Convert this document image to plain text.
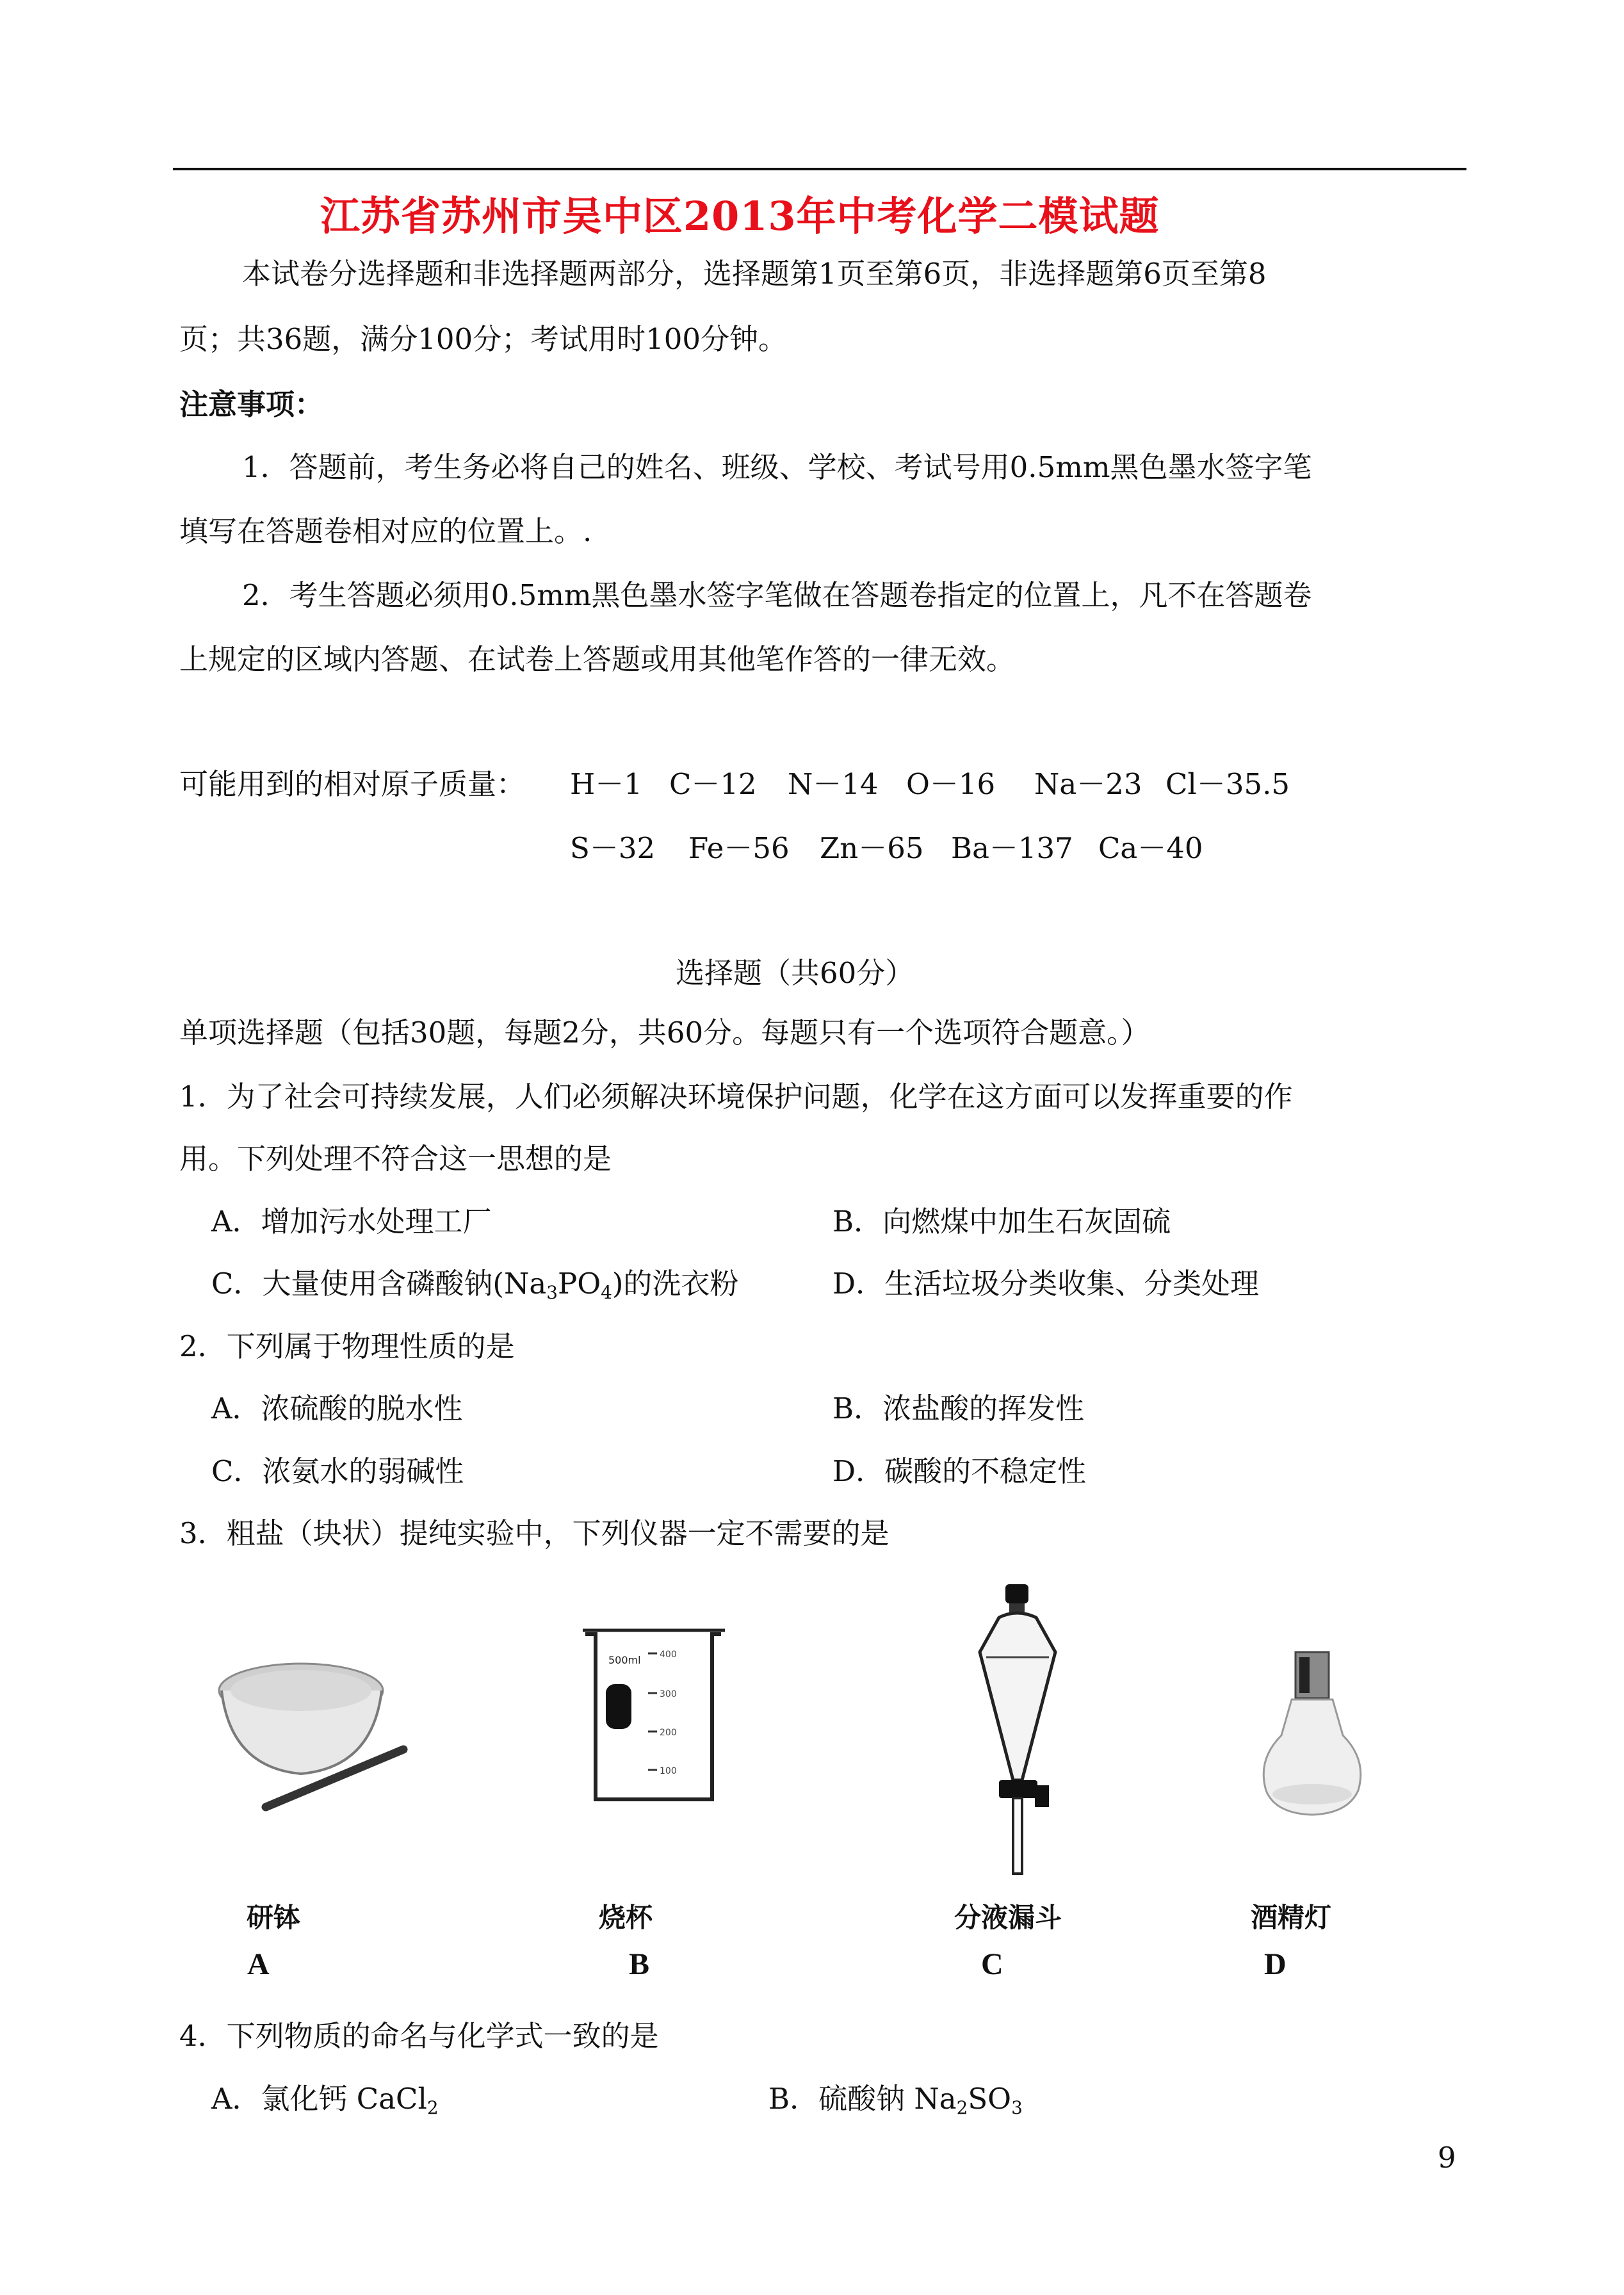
江苏省苏州市吴中区2013年中考化学二模试题
本试卷分选择题和非选择题两部分，选择题第1页至第6页，非选择题第6页至第8
页；共36题，满分100分；考试用时100分钟。
注意事项：
1．答题前，考生务必将自己的姓名、班级、学校、考试号用0.5mm黑色墨水签字笔
填写在答题卷相对应的位置上。.
2．考生答题必须用0.5mm黑色墨水签字笔做在答题卷指定的位置上，凡不在答题卷
上规定的区域内答题、在试卷上答题或用其他笔作答的一律无效。
可能用到的相对原子质量： H－1 C－12 N－14 O－16 Na－23 Cl－35.5
S－32 Fe－56 Zn－65 Ba－137 Ca－40
选择题（共60分）
单项选择题（包括30题，每题2分，共60分。每题只有一个选项符合题意。）
1．为了社会可持续发展，人们必须解决环境保护问题，化学在这方面可以发挥重要的作
用。下列处理不符合这一思想的是
A．增加污水处理工厂	B．向燃煤中加生石灰固硫
C．大量使用含磷酸钠$(Na_3PO_4)$的洗衣粉	D．生活垃圾分类收集、分类处理
2．下列属于物理性质的是
A．浓硫酸的脱水性	B．浓盐酸的挥发性
C．浓氨水的弱碱性	D．碳酸的不稳定性
3．粗盐（块状）提纯实验中，下列仪器一定不需要的是
500ml 400
300
200
100
研钵	烧杯	分液漏斗	酒精灯
A	B	C	D
4．下列物质的命名与化学式一致的是
A．氯化钙 CaCl$_2$	B．硫酸钠 $Na_2SO_3$
9
